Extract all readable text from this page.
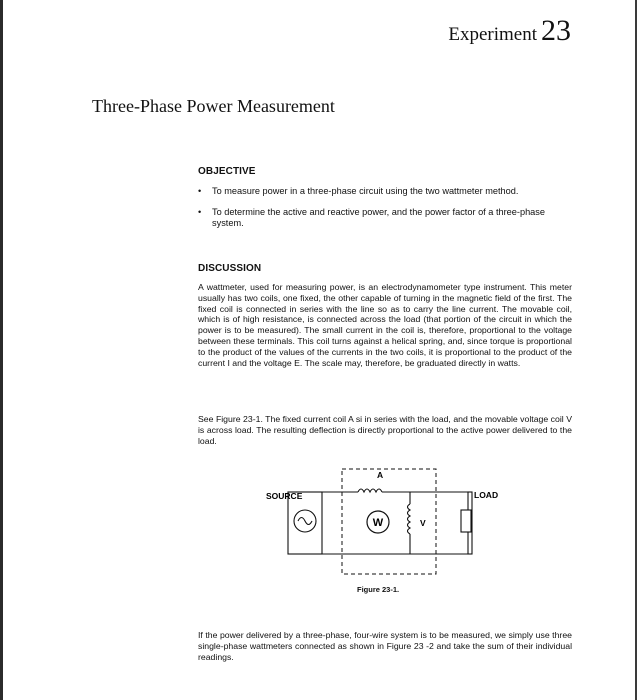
Experiment 23
Three-Phase Power Measurement
OBJECTIVE
• To measure power in a three-phase circuit using the two wattmeter method.
• To determine the active and reactive power, and the power factor of a three-phase system.
DISCUSSION

A wattmeter, used for measuring power, is an electrodynamometer type instrument. This meter usually has two coils, one fixed, the other capable of turning in the magnetic field of the first. The fixed coil is connected in series with the line so as to carry the line current. The movable coil, which is of high resistance, is connected across the load (that portion of the circuit in which the power is to be measured). The small current in the coil is, therefore, proportional to the voltage between these terminals. This coil turns against a helical spring, and, since torque is proportional to the product of the values of the currents in the two coils, it is proportional to the product of the current I and the voltage E. The scale may, therefore, be graduated directly in watts.

See Figure 23-1. The fixed current coil A si in series with the load, and the movable voltage coil V is across load. The resulting deflection is directly proportional to the active power delivered to the load.

SOURCE
A
W	V
LOAD
Figure 23-1.

If the power delivered by a three-phase, four-wire system is to be measured, we simply use three single-phase wattmeters connected as shown in Figure 23 -2 and take the sum of their individual readings.
